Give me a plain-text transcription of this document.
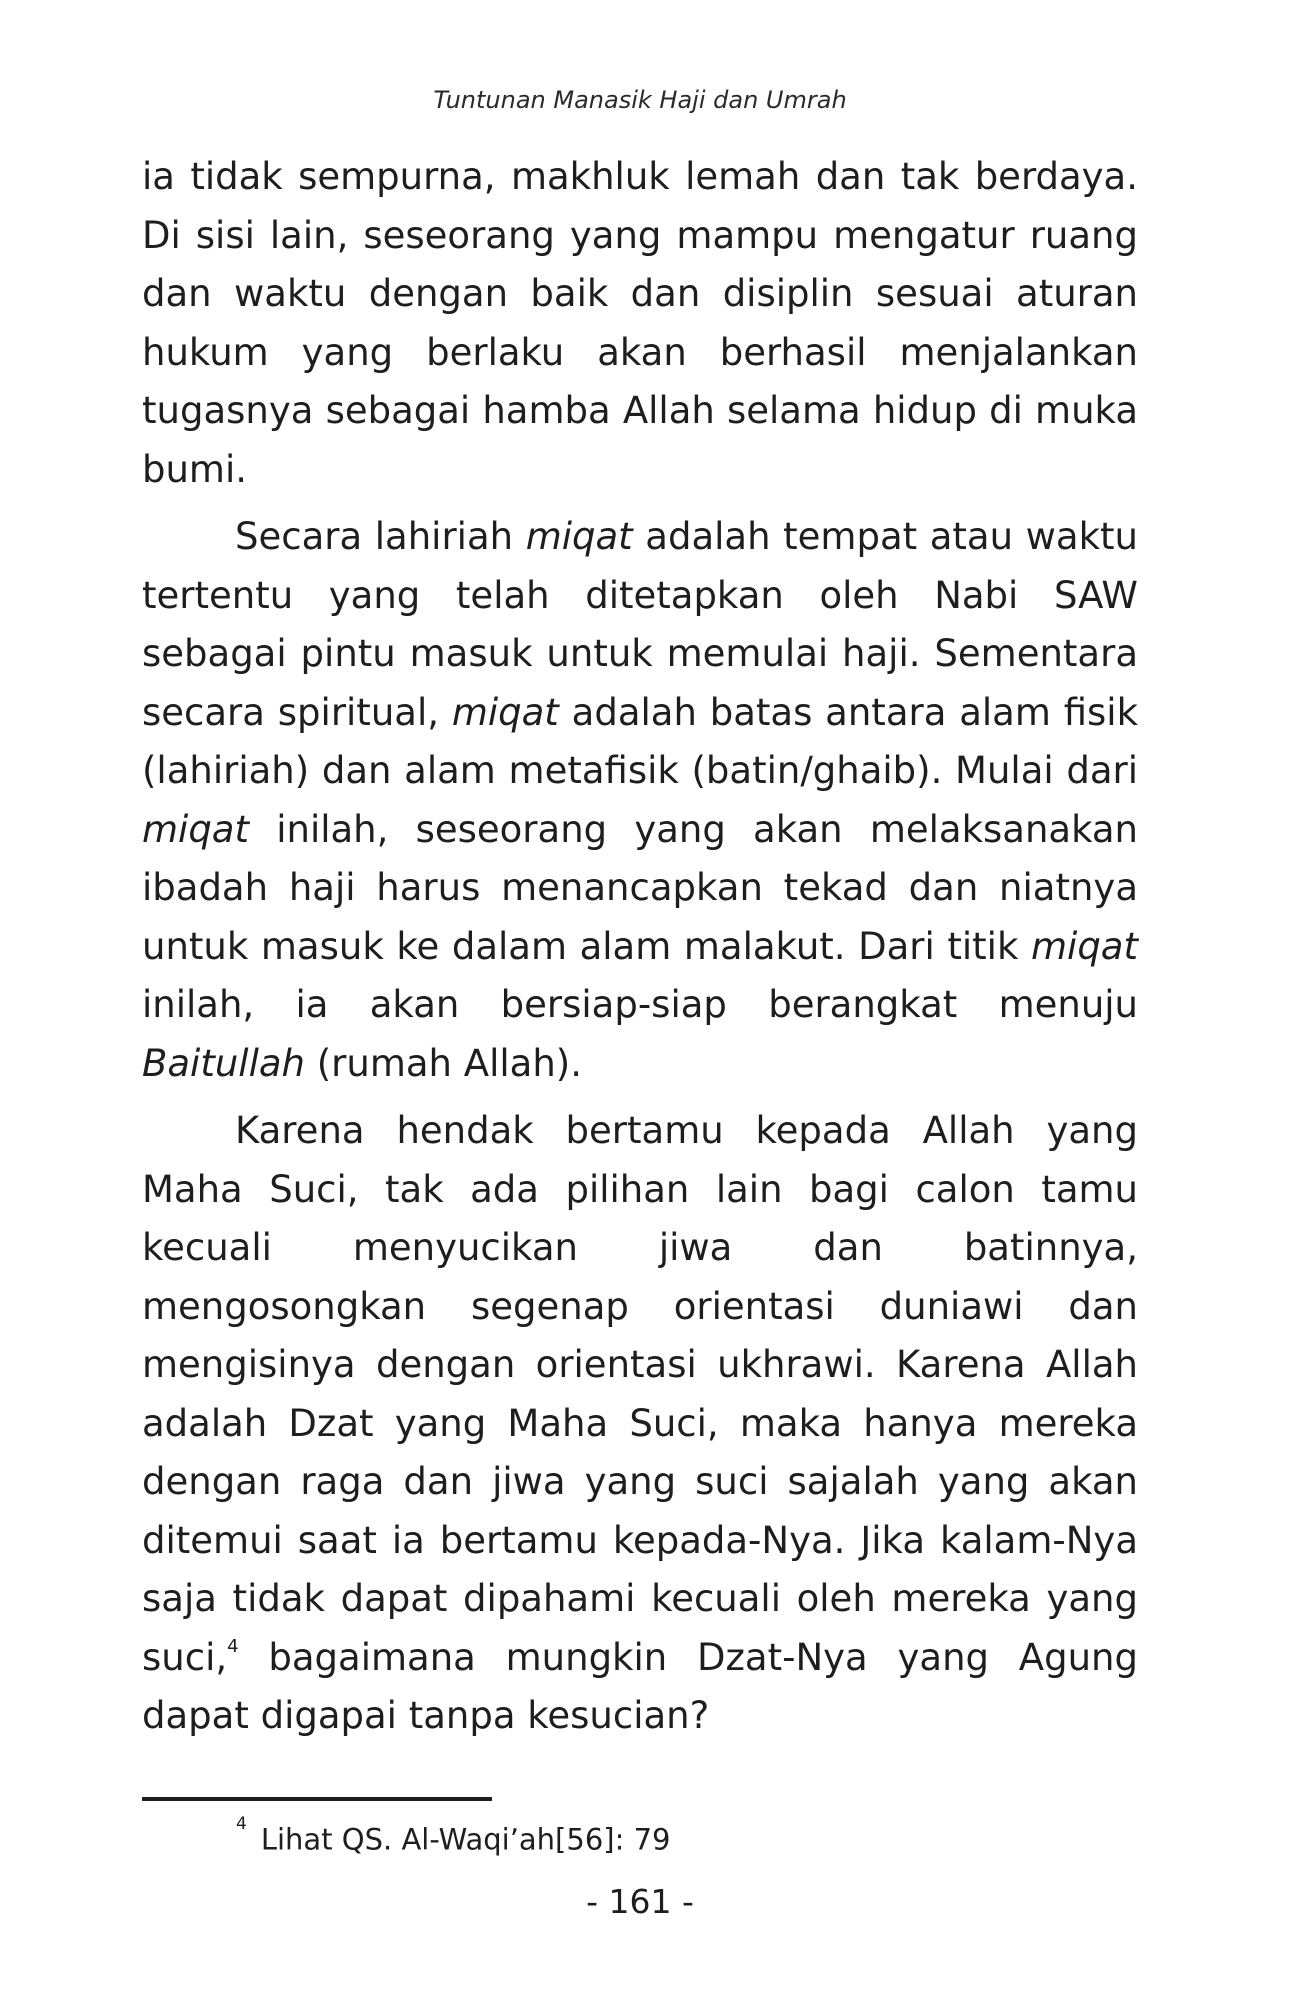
Tuntunan Manasik Haji dan Umrah

ia tidak sempurna, makhluk lemah dan tak berdaya. Di sisi lain, seseorang yang mampu mengatur ruang dan waktu dengan baik dan disiplin sesuai aturan hukum yang berlaku akan berhasil menjalankan tugasnya sebagai hamba Allah selama hidup di muka bumi.

Secara lahiriah miqat adalah tempat atau waktu tertentu yang telah ditetapkan oleh Nabi SAW sebagai pintu masuk untuk memulai haji. Sementara secara spiritual, miqat adalah batas antara alam fisik (lahiriah) dan alam metafisik (batin/ghaib). Mulai dari miqat inilah, seseorang yang akan melaksanakan ibadah haji harus menancapkan tekad dan niatnya untuk masuk ke dalam alam malakut. Dari titik miqat inilah, ia akan bersiap-siap berangkat menuju Baitullah (rumah Allah).

Karena hendak bertamu kepada Allah yang Maha Suci, tak ada pilihan lain bagi calon tamu kecuali menyucikan jiwa dan batinnya, mengosongkan segenap orientasi duniawi dan mengisinya dengan orientasi ukhrawi. Karena Allah adalah Dzat yang Maha Suci, maka hanya mereka dengan raga dan jiwa yang suci sajalah yang akan ditemui saat ia bertamu kepada-Nya. Jika kalam-Nya saja tidak dapat dipahami kecuali oleh mereka yang suci,$^4$ bagaimana mungkin Dzat-Nya yang Agung dapat digapai tanpa kesucian?

$^4$ Lihat QS. Al-Waqi’ah[56]: 79
- 161 -
